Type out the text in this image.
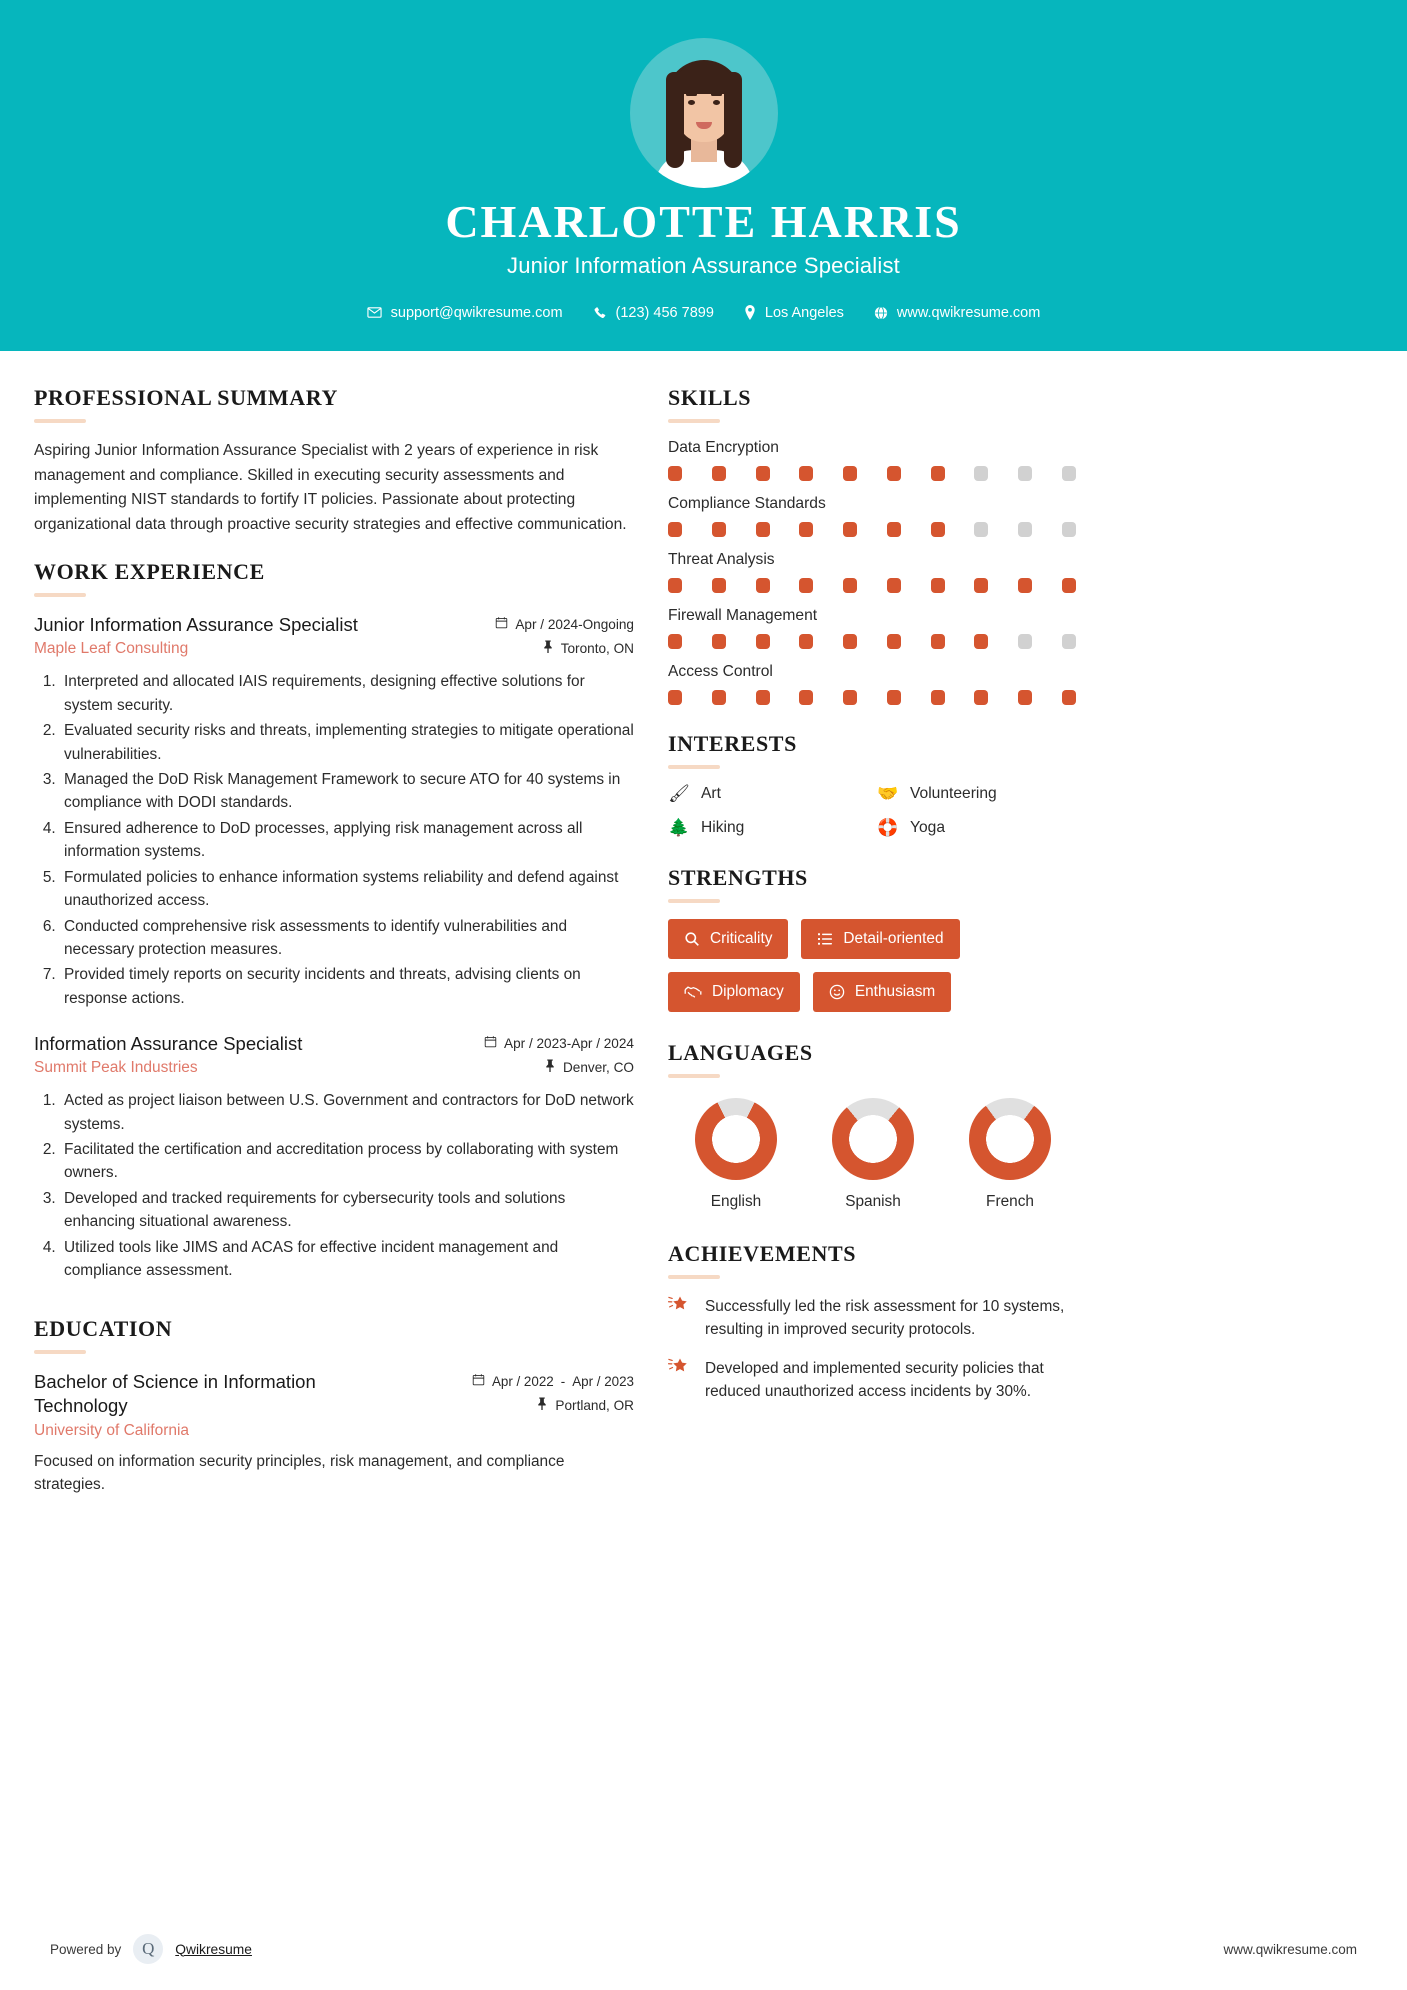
CHARLOTTE HARRIS
Junior Information Assurance Specialist
support@qwikresume.com	(123) 456 7899	Los Angeles	www.qwikresume.com
PROFESSIONAL SUMMARY
Aspiring Junior Information Assurance Specialist with 2 years of experience in risk management and compliance. Skilled in executing security assessments and implementing NIST standards to fortify IT policies. Passionate about protecting organizational data through proactive security strategies and effective communication.
WORK EXPERIENCE
Junior Information Assurance Specialist
Maple Leaf Consulting
Apr / 2024-Ongoing
Toronto, ON
1. Interpreted and allocated IAIS requirements, designing effective solutions for system security.
2. Evaluated security risks and threats, implementing strategies to mitigate operational vulnerabilities.
3. Managed the DoD Risk Management Framework to secure ATO for 40 systems in compliance with DODI standards.
4. Ensured adherence to DoD processes, applying risk management across all information systems.
5. Formulated policies to enhance information systems reliability and defend against unauthorized access.
6. Conducted comprehensive risk assessments to identify vulnerabilities and necessary protection measures.
7. Provided timely reports on security incidents and threats, advising clients on response actions.
Information Assurance Specialist
Summit Peak Industries
Apr / 2023-Apr / 2024
Denver, CO
1. Acted as project liaison between U.S. Government and contractors for DoD network systems.
2. Facilitated the certification and accreditation process by collaborating with system owners.
3. Developed and tracked requirements for cybersecurity tools and solutions enhancing situational awareness.
4. Utilized tools like JIMS and ACAS for effective incident management and compliance assessment.
EDUCATION
Bachelor of Science in Information Technology
University of California
Apr / 2022 - Apr / 2023
Portland, OR
Focused on information security principles, risk management, and compliance strategies.
SKILLS
Data Encryption
Compliance Standards
Threat Analysis
Firewall Management
Access Control
INTERESTS
🖌 Art	🤝 Volunteering
🌲 Hiking	🛟 Yoga
STRENGTHS
Criticality	Detail-oriented
Diplomacy	Enthusiasm
LANGUAGES
English	Spanish	French
ACHIEVEMENTS
Successfully led the risk assessment for 10 systems, resulting in improved security protocols.
Developed and implemented security policies that reduced unauthorized access incidents by 30%.
Powered by	Q	Qwikresume	www.qwikresume.com
